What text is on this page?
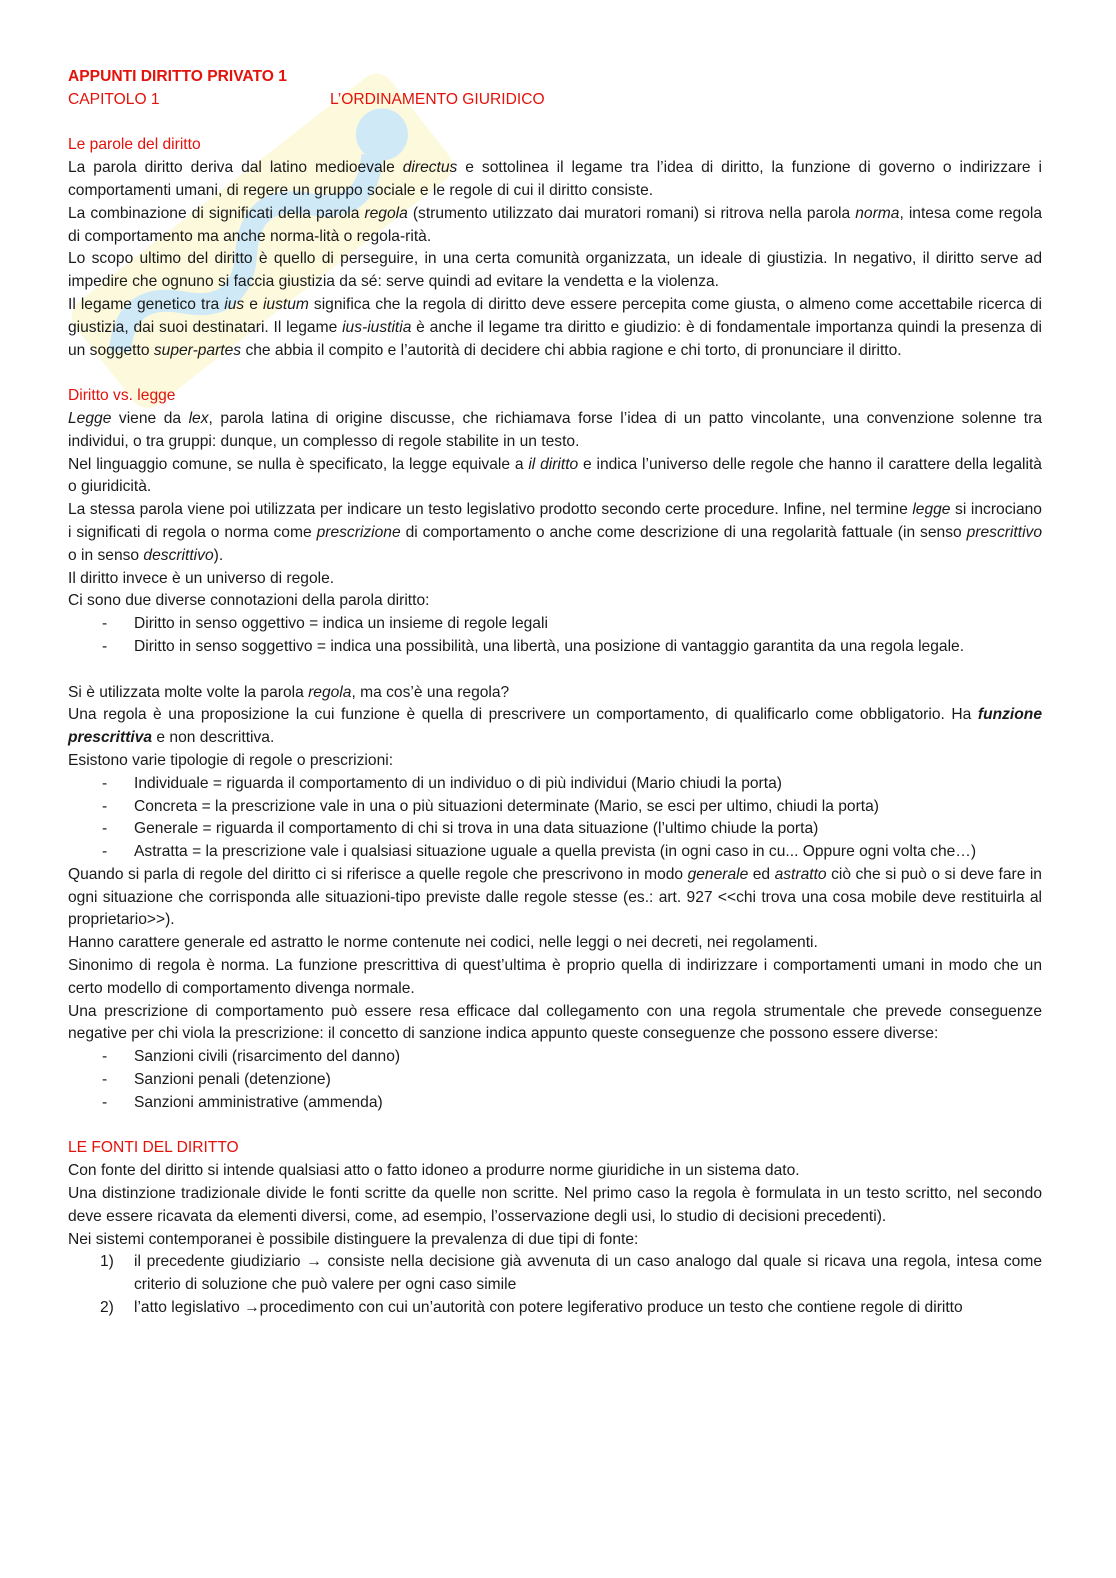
APPUNTI DIRITTO PRIVATO 1

CAPITOLO 1	L’ORDINAMENTO GIURIDICO
Le parole del diritto

La parola diritto deriva dal latino medioevale directus e sottolinea il legame tra l’idea di diritto, la funzione di governo o indirizzare i comportamenti umani, di regere un gruppo sociale e le regole di cui il diritto consiste.

La combinazione di significati della parola regola (strumento utilizzato dai muratori romani) si ritrova nella parola norma, intesa come regola di comportamento ma anche norma-lità o regola-rità.

Lo scopo ultimo del diritto è quello di perseguire, in una certa comunità organizzata, un ideale di giustizia. In negativo, il diritto serve ad impedire che ognuno si faccia giustizia da sé: serve quindi ad evitare la vendetta e la violenza.

Il legame genetico tra ius e iustum significa che la regola di diritto deve essere percepita come giusta, o almeno come accettabile ricerca di giustizia, dai suoi destinatari. Il legame ius-iustitia è anche il legame tra diritto e giudizio: è di fondamentale importanza quindi la presenza di un soggetto super-partes che abbia il compito e l’autorità di decidere chi abbia ragione e chi torto, di pronunciare il diritto.

Diritto vs. legge

Legge viene da lex, parola latina di origine discusse, che richiamava forse l’idea di un patto vincolante, una convenzione solenne tra individui, o tra gruppi: dunque, un complesso di regole stabilite in un testo.

Nel linguaggio comune, se nulla è specificato, la legge equivale a il diritto e indica l’universo delle regole che hanno il carattere della legalità o giuridicità.

La stessa parola viene poi utilizzata per indicare un testo legislativo prodotto secondo certe procedure. Infine, nel termine legge si incrociano i significati di regola o norma come prescrizione di comportamento o anche come descrizione di una regolarità fattuale (in senso prescrittivo o in senso descrittivo).

Il diritto invece è un universo di regole.

Ci sono due diverse connotazioni della parola diritto:

- Diritto in senso oggettivo = indica un insieme di regole legali
- Diritto in senso soggettivo = indica una possibilità, una libertà, una posizione di vantaggio garantita da una regola legale.

Si è utilizzata molte volte la parola regola, ma cos’è una regola?

Una regola è una proposizione la cui funzione è quella di prescrivere un comportamento, di qualificarlo come obbligatorio. Ha funzione prescrittiva e non descrittiva.

Esistono varie tipologie di regole o prescrizioni:

- Individuale = riguarda il comportamento di un individuo o di più individui (Mario chiudi la porta)
- Concreta = la prescrizione vale in una o più situazioni determinate (Mario, se esci per ultimo, chiudi la porta)
- Generale = riguarda il comportamento di chi si trova in una data situazione (l’ultimo chiude la porta)
- Astratta = la prescrizione vale i qualsiasi situazione uguale a quella prevista (in ogni caso in cu... Oppure ogni volta che…)

Quando si parla di regole del diritto ci si riferisce a quelle regole che prescrivono in modo generale ed astratto ciò che si può o si deve fare in ogni situazione che corrisponda alle situazioni-tipo previste dalle regole stesse (es.: art. 927 <<chi trova una cosa mobile deve restituirla al proprietario>>).

Hanno carattere generale ed astratto le norme contenute nei codici, nelle leggi o nei decreti, nei regolamenti.

Sinonimo di regola è norma. La funzione prescrittiva di quest’ultima è proprio quella di indirizzare i comportamenti umani in modo che un certo modello di comportamento divenga normale.

Una prescrizione di comportamento può essere resa efficace dal collegamento con una regola strumentale che prevede conseguenze negative per chi viola la prescrizione: il concetto di sanzione indica appunto queste conseguenze che possono essere diverse:

- Sanzioni civili (risarcimento del danno)
- Sanzioni penali (detenzione)
- Sanzioni amministrative (ammenda)
LE FONTI DEL DIRITTO

Con fonte del diritto si intende qualsiasi atto o fatto idoneo a produrre norme giuridiche in un sistema dato.

Una distinzione tradizionale divide le fonti scritte da quelle non scritte. Nel primo caso la regola è formulata in un testo scritto, nel secondo deve essere ricavata da elementi diversi, come, ad esempio, l’osservazione degli usi, lo studio di decisioni precedenti).

Nei sistemi contemporanei è possibile distinguere la prevalenza di due tipi di fonte:

1) il precedente giudiziario → consiste nella decisione già avvenuta di un caso analogo dal quale si ricava una regola, intesa come criterio di soluzione che può valere per ogni caso simile
2) l’atto legislativo →procedimento con cui un’autorità con potere legiferativo produce un testo che contiene regole di diritto
